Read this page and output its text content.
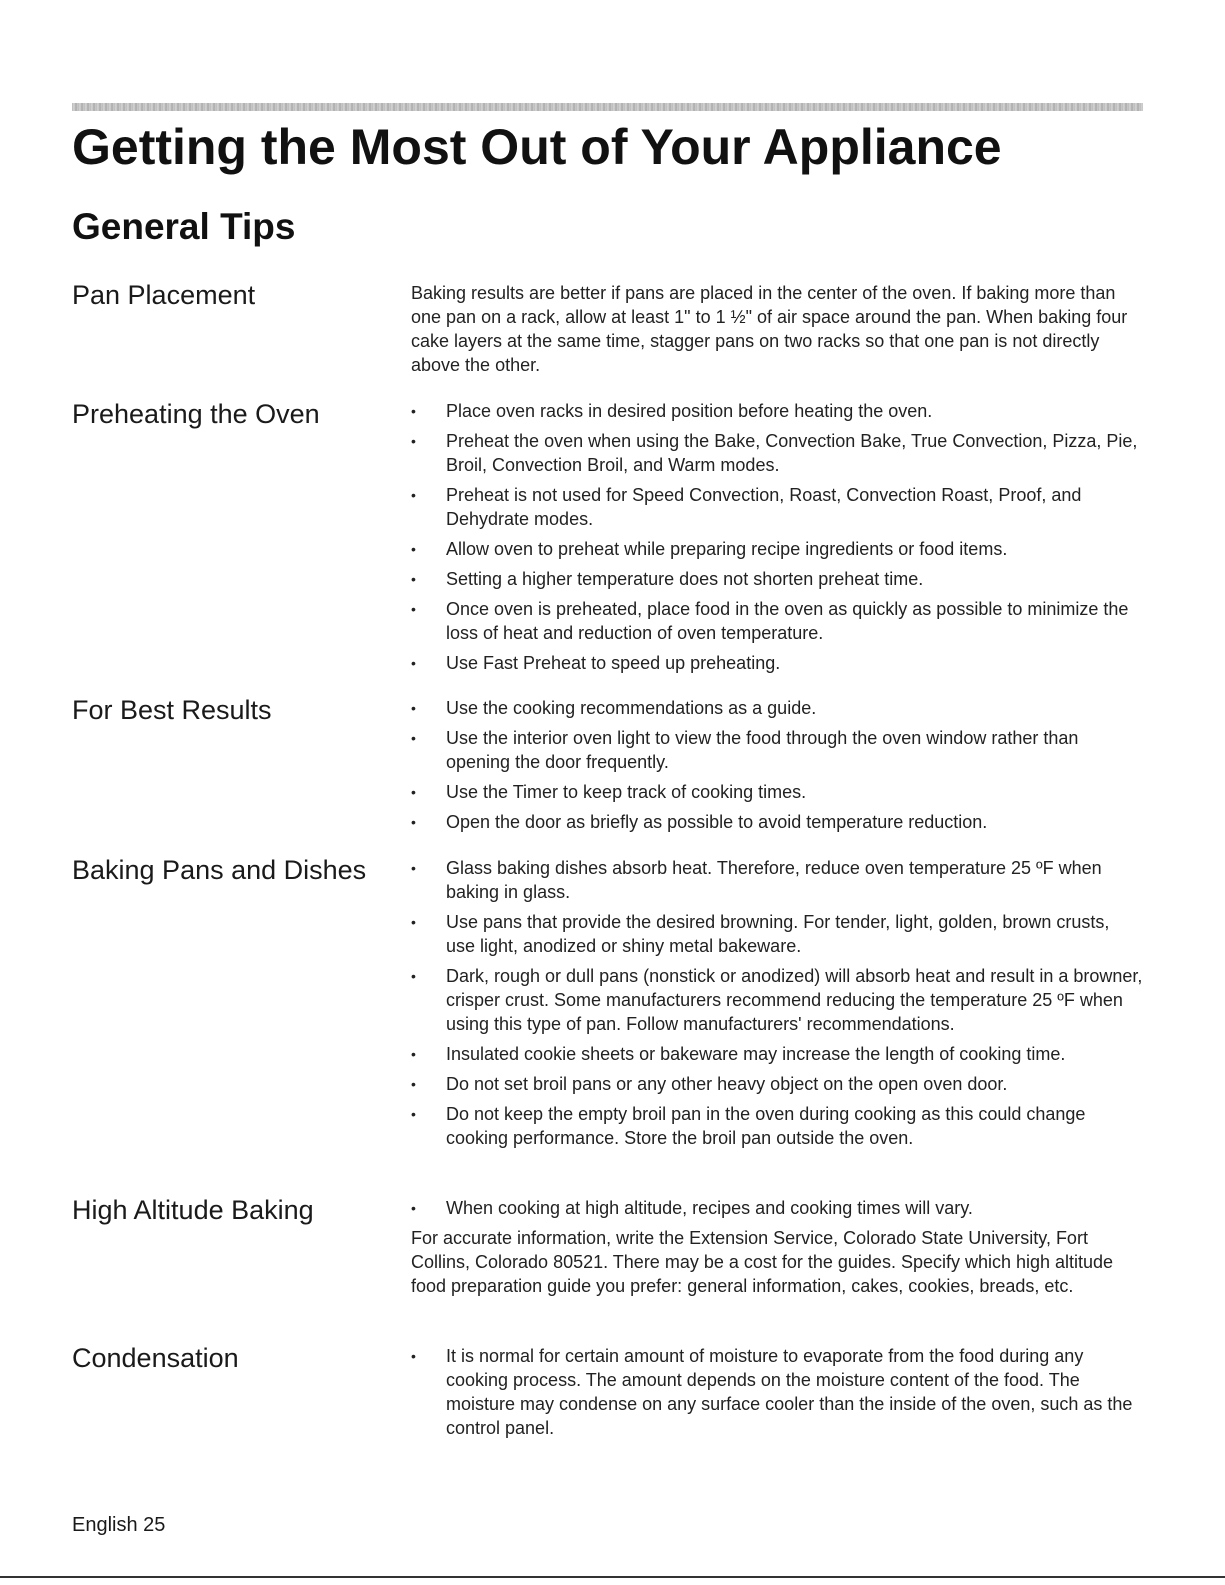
Getting the Most Out of Your Appliance
General Tips
Pan Placement	Baking results are better if pans are placed in the center of the oven. If baking more than one pan on a rack, allow at least 1" to 1 ½" of air space around the pan. When baking four cake layers at the same time, stagger pans on two racks so that one pan is not directly above the other.

Preheating the Oven	• Place oven racks in desired position before heating the oven.
• Preheat the oven when using the Bake, Convection Bake, True Convection, Pizza, Pie, Broil, Convection Broil, and Warm modes.
• Preheat is not used for Speed Convection, Roast, Convection Roast, Proof, and Dehydrate modes.
• Allow oven to preheat while preparing recipe ingredients or food items.
• Setting a higher temperature does not shorten preheat time.
• Once oven is preheated, place food in the oven as quickly as possible to minimize the loss of heat and reduction of oven temperature.
• Use Fast Preheat to speed up preheating.
For Best Results	• Use the cooking recommendations as a guide.
• Use the interior oven light to view the food through the oven window rather than opening the door frequently.
• Use the Timer to keep track of cooking times.
• Open the door as briefly as possible to avoid temperature reduction.
Baking Pans and Dishes	• Glass baking dishes absorb heat. Therefore, reduce oven temperature 25 ºF when baking in glass.
• Use pans that provide the desired browning. For tender, light, golden, brown crusts, use light, anodized or shiny metal bakeware.
• Dark, rough or dull pans (nonstick or anodized) will absorb heat and result in a browner, crisper crust. Some manufacturers recommend reducing the temperature 25 ºF when using this type of pan. Follow manufacturers' recommendations.
• Insulated cookie sheets or bakeware may increase the length of cooking time.
• Do not set broil pans or any other heavy object on the open oven door.
• Do not keep the empty broil pan in the oven during cooking as this could change cooking performance. Store the broil pan outside the oven.
High Altitude Baking	• When cooking at high altitude, recipes and cooking times will vary.

For accurate information, write the Extension Service, Colorado State University, Fort Collins, Colorado 80521. There may be a cost for the guides. Specify which high altitude food preparation guide you prefer: general information, cakes, cookies, breads, etc.

Condensation	• It is normal for certain amount of moisture to evaporate from the food during any cooking process. The amount depends on the moisture content of the food. The moisture may condense on any surface cooler than the inside of the oven, such as the control panel.
English 25
